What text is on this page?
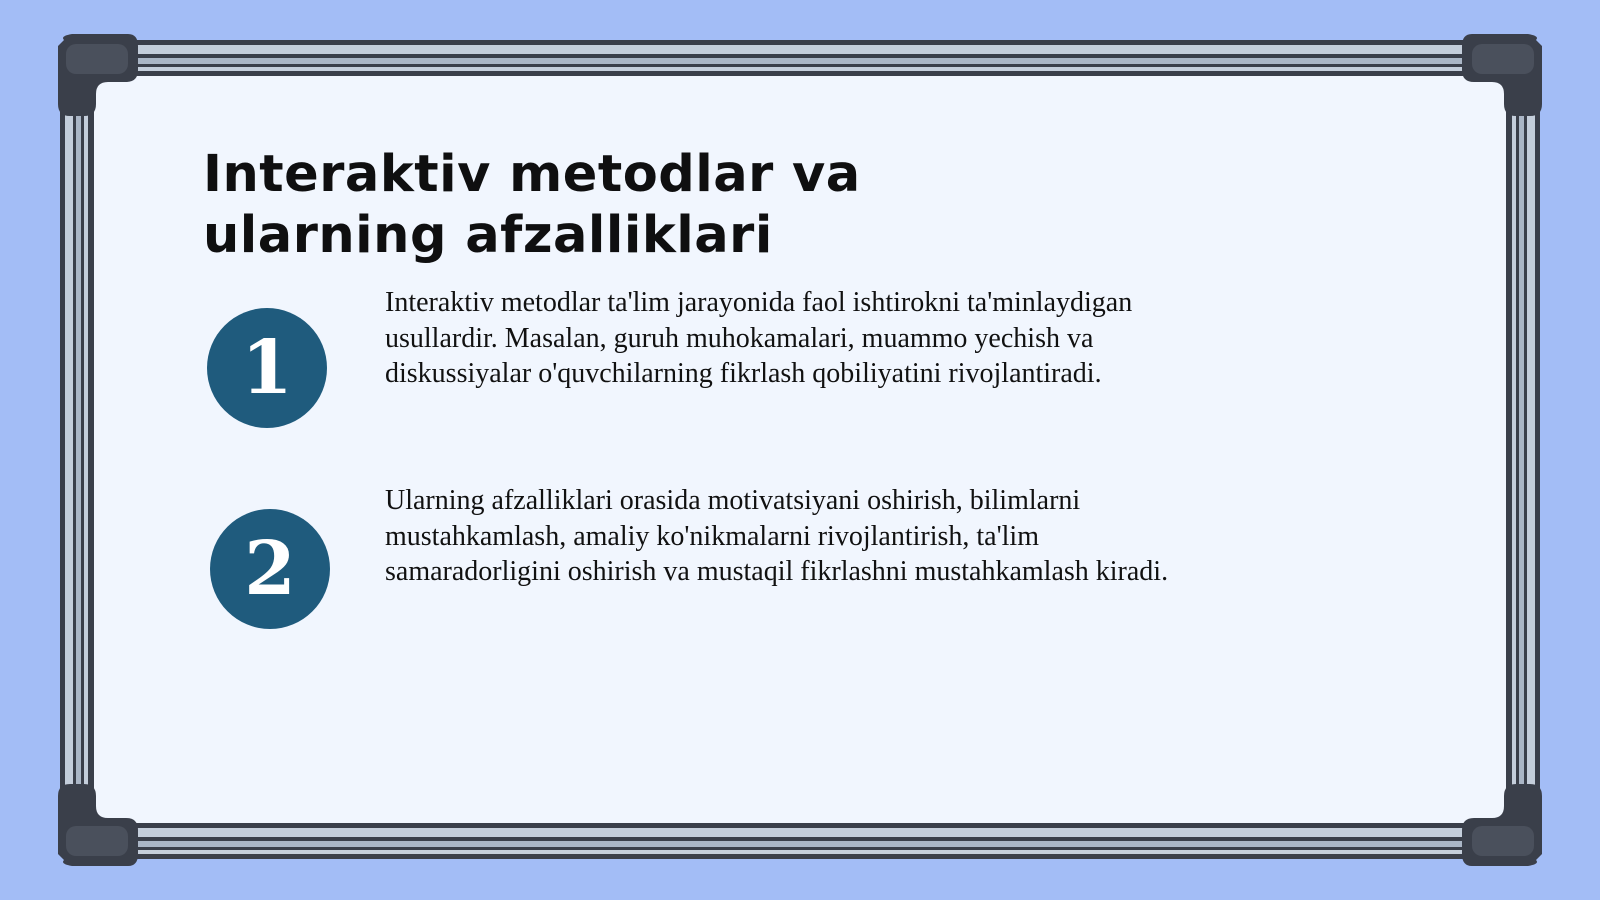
Interaktiv metodlar va ularning afzalliklari
1

Interaktiv metodlar ta'lim jarayonida faol ishtirokni ta'minlaydigan usullardir. Masalan, guruh muhokamalari, muammo yechish va diskussiyalar o'quvchilarning fikrlash qobiliyatini rivojlantiradi.

2

Ularning afzalliklari orasida motivatsiyani oshirish, bilimlarni mustahkamlash, amaliy ko'nikmalarni rivojlantirish, ta'lim samaradorligini oshirish va mustaqil fikrlashni mustahkamlash kiradi.
